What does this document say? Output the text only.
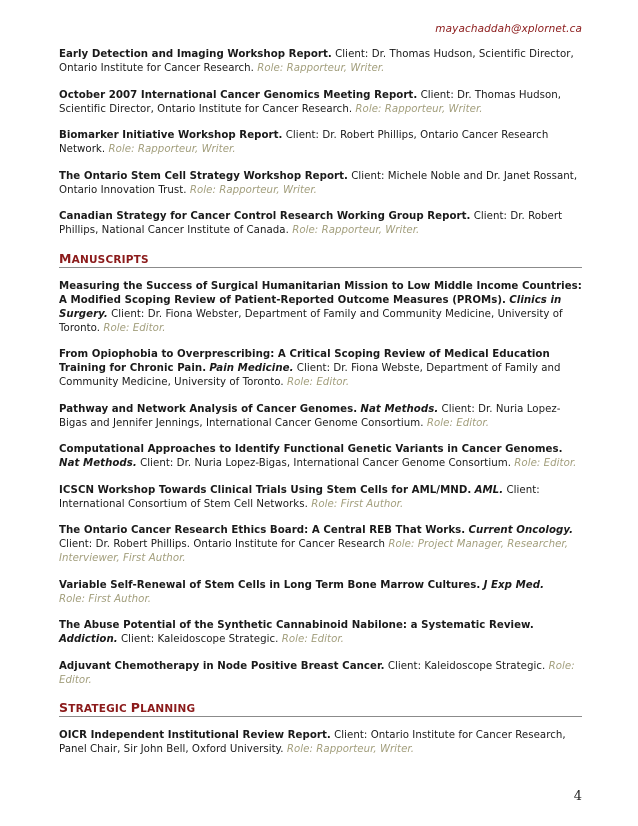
mayachaddah@xplornet.ca

Early Detection and Imaging Workshop Report. Client: Dr. Thomas Hudson, Scientific Director, Ontario Institute for Cancer Research. Role: Rapporteur, Writer.

October 2007 International Cancer Genomics Meeting Report. Client: Dr. Thomas Hudson, Scientific Director, Ontario Institute for Cancer Research. Role: Rapporteur, Writer.

Biomarker Initiative Workshop Report. Client: Dr. Robert Phillips, Ontario Cancer Research Network. Role: Rapporteur, Writer.

The Ontario Stem Cell Strategy Workshop Report. Client: Michele Noble and Dr. Janet Rossant, Ontario Innovation Trust. Role: Rapporteur, Writer.

Canadian Strategy for Cancer Control Research Working Group Report. Client: Dr. Robert Phillips, National Cancer Institute of Canada. Role: Rapporteur, Writer.

MANUSCRIPTS

Measuring the Success of Surgical Humanitarian Mission to Low Middle Income Countries: A Modified Scoping Review of Patient-Reported Outcome Measures (PROMs). Clinics in Surgery. Client: Dr. Fiona Webster, Department of Family and Community Medicine, University of Toronto. Role: Editor.

From Opiophobia to Overprescribing: A Critical Scoping Review of Medical Education Training for Chronic Pain. Pain Medicine. Client: Dr. Fiona Webste, Department of Family and Community Medicine, University of Toronto. Role: Editor.

Pathway and Network Analysis of Cancer Genomes. Nat Methods. Client: Dr. Nuria Lopez-Bigas and Jennifer Jennings, International Cancer Genome Consortium. Role: Editor.

Computational Approaches to Identify Functional Genetic Variants in Cancer Genomes. Nat Methods. Client: Dr. Nuria Lopez-Bigas, International Cancer Genome Consortium. Role: Editor.

ICSCN Workshop Towards Clinical Trials Using Stem Cells for AML/MND. AML. Client: International Consortium of Stem Cell Networks. Role: First Author.

The Ontario Cancer Research Ethics Board: A Central REB That Works. Current Oncology. Client: Dr. Robert Phillips. Ontario Institute for Cancer Research Role: Project Manager, Researcher, Interviewer, First Author.

Variable Self-Renewal of Stem Cells in Long Term Bone Marrow Cultures. J Exp Med.
Role: First Author.

The Abuse Potential of the Synthetic Cannabinoid Nabilone: a Systematic Review. Addiction. Client: Kaleidoscope Strategic. Role: Editor.

Adjuvant Chemotherapy in Node Positive Breast Cancer. Client: Kaleidoscope Strategic. Role: Editor.

STRATEGIC PLANNING

OICR Independent Institutional Review Report. Client: Ontario Institute for Cancer Research, Panel Chair, Sir John Bell, Oxford University. Role: Rapporteur, Writer.

4
